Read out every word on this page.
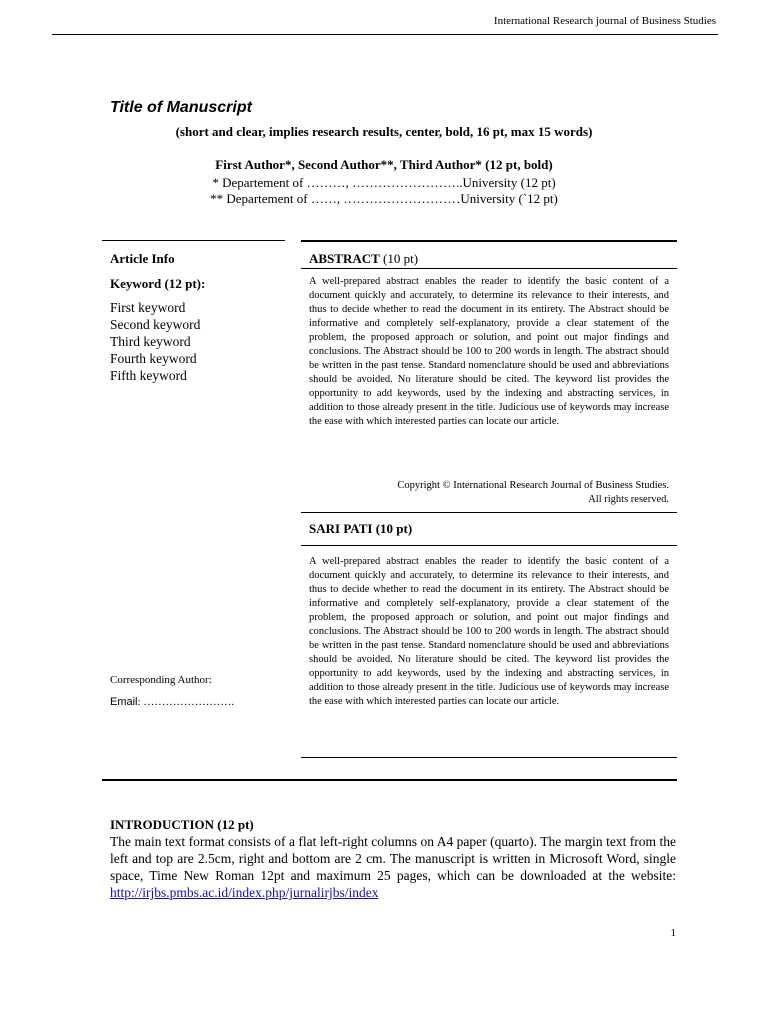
International Research journal of Business Studies
Title of Manuscript
(short and clear, implies research results, center, bold, 16 pt, max 15 words)
First Author*, Second Author**, Third Author* (12 pt, bold)
* Departement of ………, ……………………..University (12 pt)
** Departement of ……, ………………………University (`12 pt)
Article Info
Keyword (12 pt):
First keyword
Second keyword
Third keyword
Fourth keyword
Fifth keyword
Corresponding Author:
Email: …………………….
ABSTRACT (10 pt)
A well-prepared abstract enables the reader to identify the basic content of a document quickly and accurately, to determine its relevance to their interests, and thus to decide whether to read the document in its entirety. The Abstract should be informative and completely self-explanatory, provide a clear statement of the problem, the proposed approach or solution, and point out major findings and conclusions. The Abstract should be 100 to 200 words in length. The abstract should be written in the past tense. Standard nomenclature should be used and abbreviations should be avoided. No literature should be cited. The keyword list provides the opportunity to add keywords, used by the indexing and abstracting services, in addition to those already present in the title. Judicious use of keywords may increase the ease with which interested parties can locate our article.
Copyright © International Research Journal of Business Studies.
All rights reserved.
SARI PATI (10 pt)
A well-prepared abstract enables the reader to identify the basic content of a document quickly and accurately, to determine its relevance to their interests, and thus to decide whether to read the document in its entirety. The Abstract should be informative and completely self-explanatory, provide a clear statement of the problem, the proposed approach or solution, and point out major findings and conclusions. The Abstract should be 100 to 200 words in length. The abstract should be written in the past tense. Standard nomenclature should be used and abbreviations should be avoided. No literature should be cited. The keyword list provides the opportunity to add keywords, used by the indexing and abstracting services, in addition to those already present in the title. Judicious use of keywords may increase the ease with which interested parties can locate our article.
INTRODUCTION (12 pt)
The main text format consists of a flat left-right columns on A4 paper (quarto). The margin text from the left and top are 2.5cm, right and bottom are 2 cm. The manuscript is written in Microsoft Word, single space, Time New Roman 12pt and maximum 25 pages, which can be downloaded at the website: http://irjbs.pmbs.ac.id/index.php/jurnalirjbs/index
1
